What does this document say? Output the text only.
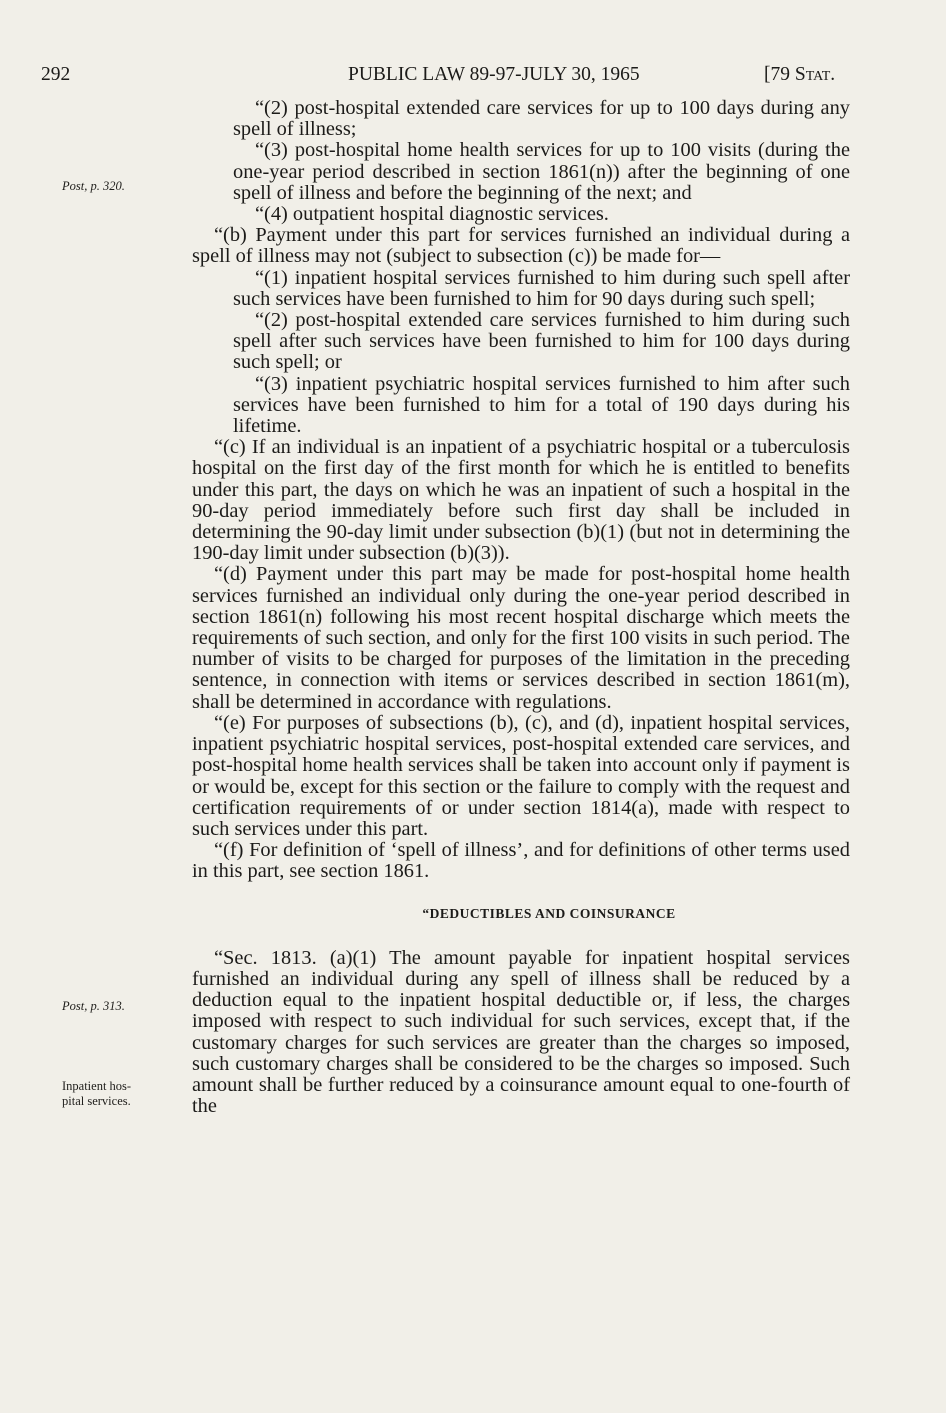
292	PUBLIC LAW 89-97-JULY 30, 1965	[79 Stat.
Post, p. 320.
Post, p. 313.
Inpatient hos-
pital services.

“(2) post-hospital extended care services for up to 100 days during any spell of illness;

“(3) post-hospital home health services for up to 100 visits (during the one-year period described in section 1861(n)) after the beginning of one spell of illness and before the beginning of the next; and

“(4) outpatient hospital diagnostic services.

“(b) Payment under this part for services furnished an individual during a spell of illness may not (subject to subsection (c)) be made for—

“(1) inpatient hospital services furnished to him during such spell after such services have been furnished to him for 90 days during such spell;

“(2) post-hospital extended care services furnished to him during such spell after such services have been furnished to him for 100 days during such spell; or

“(3) inpatient psychiatric hospital services furnished to him after such services have been furnished to him for a total of 190 days during his lifetime.

“(c) If an individual is an inpatient of a psychiatric hospital or a tuberculosis hospital on the first day of the first month for which he is entitled to benefits under this part, the days on which he was an inpatient of such a hospital in the 90-day period immediately before such first day shall be included in determining the 90-day limit under subsection (b)(1) (but not in determining the 190-day limit under subsection (b)(3)).

“(d) Payment under this part may be made for post-hospital home health services furnished an individual only during the one-year period described in section 1861(n) following his most recent hospital discharge which meets the requirements of such section, and only for the first 100 visits in such period. The number of visits to be charged for purposes of the limitation in the preceding sentence, in connection with items or services described in section 1861(m), shall be determined in accordance with regulations.

“(e) For purposes of subsections (b), (c), and (d), inpatient hospital services, inpatient psychiatric hospital services, post-hospital extended care services, and post-hospital home health services shall be taken into account only if payment is or would be, except for this section or the failure to comply with the request and certification requirements of or under section 1814(a), made with respect to such services under this part.

“(f) For definition of ‘spell of illness’, and for definitions of other terms used in this part, see section 1861.

“DEDUCTIBLES AND COINSURANCE

“Sec. 1813. (a)(1) The amount payable for inpatient hospital services furnished an individual during any spell of illness shall be reduced by a deduction equal to the inpatient hospital deductible or, if less, the charges imposed with respect to such individual for such services, except that, if the customary charges for such services are greater than the charges so imposed, such customary charges shall be considered to be the charges so imposed. Such amount shall be further reduced by a coinsurance amount equal to one-fourth of the
